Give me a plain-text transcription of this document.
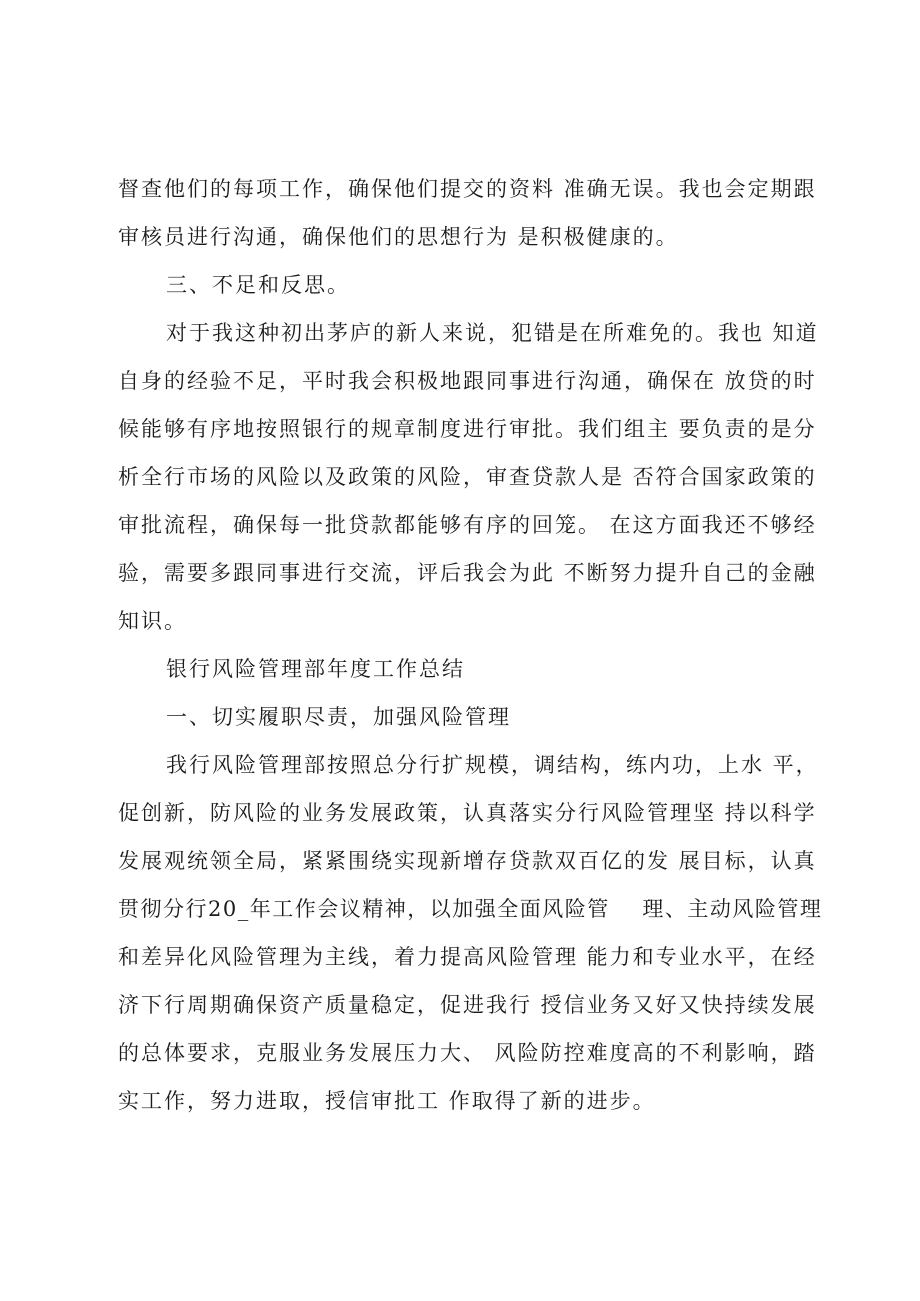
督查他们的每项工作，确保他们提交的资料 准确无误。我也会定期跟
审核员进行沟通，确保他们的思想行为 是积极健康的。
三、不足和反思。
对于我这种初出茅庐的新人来说，犯错是在所难免的。我也 知道
自身的经验不足，平时我会积极地跟同事进行沟通，确保在 放贷的时
候能够有序地按照银行的规章制度进行审批。我们组主 要负责的是分
析全行市场的风险以及政策的风险，审查贷款人是 否符合国家政策的
审批流程，确保每一批贷款都能够有序的回笼。 在这方面我还不够经
验，需要多跟同事进行交流，评后我会为此 不断努力提升自己的金融
知识。
银行风险管理部年度工作总结
一、切实履职尽责，加强风险管理
我行风险管理部按照总分行扩规模，调结构，练内功，上水 平，
促创新，防风险的业务发展政策，认真落实分行风险管理坚 持以科学
发展观统领全局，紧紧围绕实现新增存贷款双百亿的发 展目标，认真
贯彻分行20_年工作会议精神，以加强全面风险管    理、主动风险管理
和差异化风险管理为主线，着力提高风险管理 能力和专业水平，在经
济下行周期确保资产质量稳定，促进我行 授信业务又好又快持续发展
的总体要求，克服业务发展压力大、 风险防控难度高的不利影响，踏
实工作，努力进取，授信审批工 作取得了新的进步。
